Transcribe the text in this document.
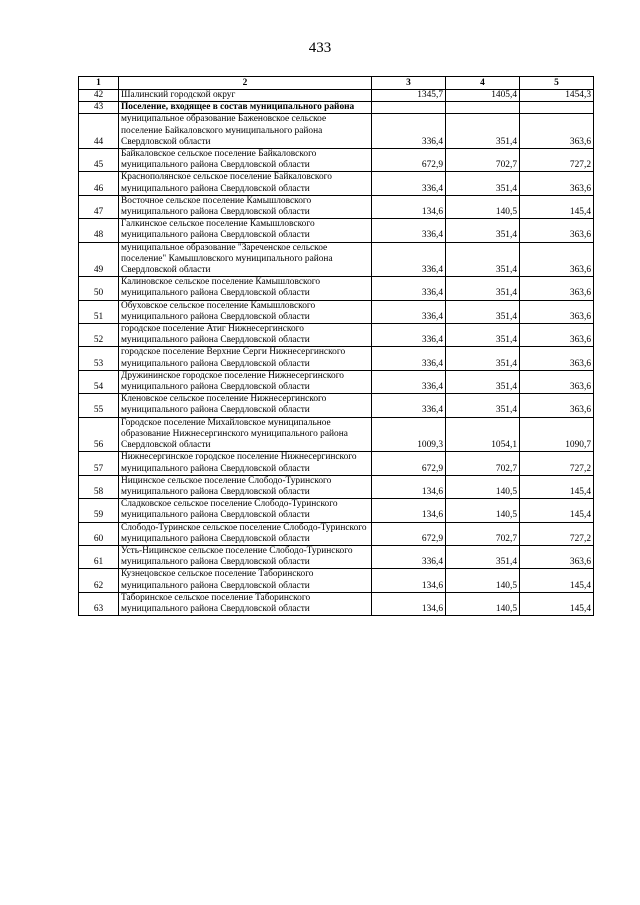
433
1	2	3	4	5
42	Шалинский городской округ	1345,7	1405,4	1454,3
43	Поселение, входящее в состав муниципального района			
44	муниципальное образование Баженовское сельское поселение Байкаловского муниципального района Свердловской области	336,4	351,4	363,6
45	Байкаловское сельское поселение Байкаловского муниципального района Свердловской области	672,9	702,7	727,2
46	Краснополянское сельское поселение Байкаловского муниципального района Свердловской области	336,4	351,4	363,6
47	Восточное сельское поселение Камышловского муниципального района Свердловской области	134,6	140,5	145,4
48	Галкинское сельское поселение Камышловского муниципального района Свердловской области	336,4	351,4	363,6
49	муниципальное образование "Зареченское сельское поселение" Камышловского муниципального района Свердловской области	336,4	351,4	363,6
50	Калиновское сельское поселение Камышловского муниципального района Свердловской области	336,4	351,4	363,6
51	Обуховское сельское поселение Камышловского муниципального района Свердловской области	336,4	351,4	363,6
52	городское поселение Атиг Нижнесергинского муниципального района Свердловской области	336,4	351,4	363,6
53	городское поселение Верхние Серги Нижнесергинского муниципального района Свердловской области	336,4	351,4	363,6
54	Дружининское городское поселение Нижнесергинского муниципального района Свердловской области	336,4	351,4	363,6
55	Кленовское сельское поселение Нижнесергинского муниципального района Свердловской области	336,4	351,4	363,6
56	Городское поселение Михайловское муниципальное образование Нижнесергинского муниципального района Свердловской области	1009,3	1054,1	1090,7
57	Нижнесергинское городское поселение Нижнесергинского муниципального района Свердловской области	672,9	702,7	727,2
58	Ницинское сельское поселение Слободо-Туринского муниципального района Свердловской области	134,6	140,5	145,4
59	Сладковское сельское поселение Слободо-Туринского муниципального района Свердловской области	134,6	140,5	145,4
60	Слободо-Туринское сельское поселение Слободо-Туринского муниципального района Свердловской области	672,9	702,7	727,2
61	Усть-Ницинское сельское поселение Слободо-Туринского муниципального района Свердловской области	336,4	351,4	363,6
62	Кузнецовское сельское поселение Таборинского муниципального района Свердловской области	134,6	140,5	145,4
63	Таборинское сельское поселение Таборинского муниципального района Свердловской области	134,6	140,5	145,4
